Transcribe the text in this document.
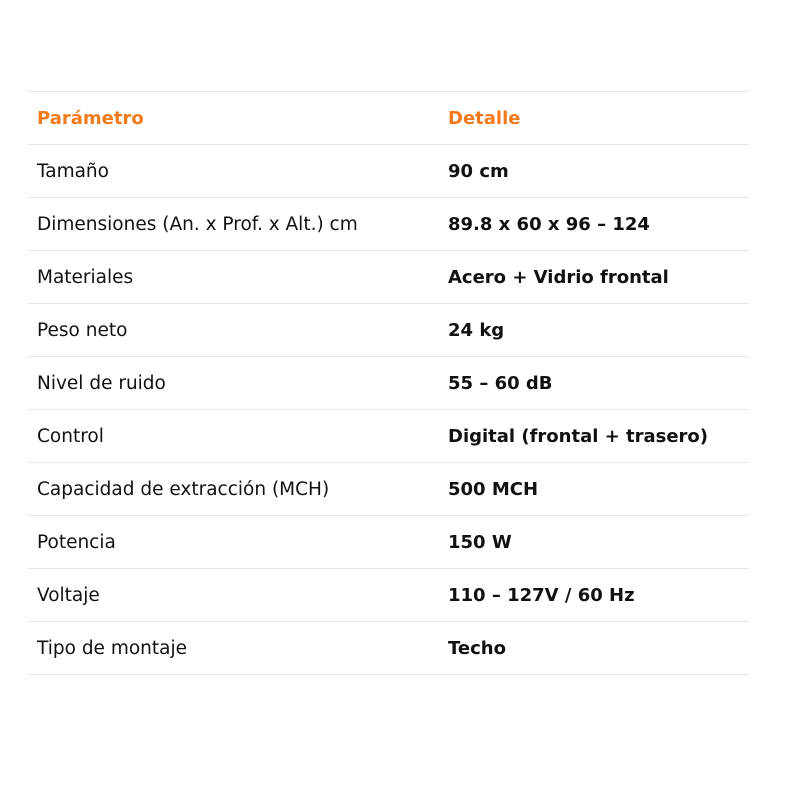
Parámetro	Detalle
Tamaño	90 cm
Dimensiones (An. x Prof. x Alt.) cm	89.8 x 60 x 96 – 124
Materiales	Acero + Vidrio frontal
Peso neto	24 kg
Nivel de ruido	55 – 60 dB
Control	Digital (frontal + trasero)
Capacidad de extracción (MCH)	500 MCH
Potencia	150 W
Voltaje	110 – 127V / 60 Hz
Tipo de montaje	Techo
